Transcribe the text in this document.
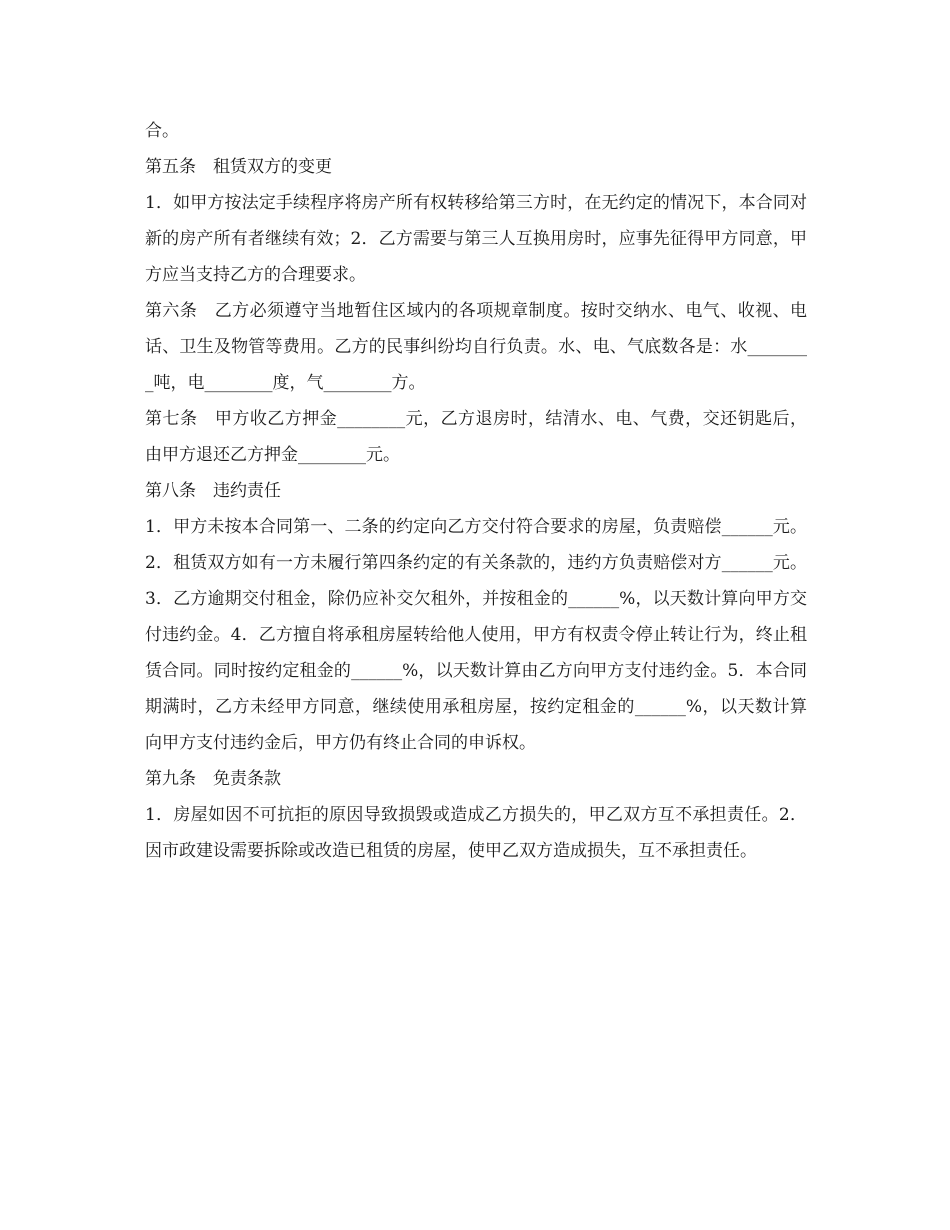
合。

第五条　租赁双方的变更

1．如甲方按法定手续程序将房产所有权转移给第三方时，在无约定的情况下，本合同对新的房产所有者继续有效；2．乙方需要与第三人互换用房时，应事先征得甲方同意，甲方应当支持乙方的合理要求。

第六条　乙方必须遵守当地暂住区域内的各项规章制度。按时交纳水、电气、收视、电话、卫生及物管等费用。乙方的民事纠纷均自行负责。水、电、气底数各是：水________吨，电________度，气________方。

第七条　甲方收乙方押金________元，乙方退房时，结清水、电、气费，交还钥匙后，由甲方退还乙方押金________元。

第八条　违约责任

1．甲方未按本合同第一、二条的约定向乙方交付符合要求的房屋，负责赔偿______元。2．租赁双方如有一方未履行第四条约定的有关条款的，违约方负责赔偿对方______元。3．乙方逾期交付租金，除仍应补交欠租外，并按租金的______%，以天数计算向甲方交付违约金。4．乙方擅自将承租房屋转给他人使用，甲方有权责令停止转让行为，终止租赁合同。同时按约定租金的______%，以天数计算由乙方向甲方支付违约金。5．本合同期满时，乙方未经甲方同意，继续使用承租房屋，按约定租金的______%，以天数计算向甲方支付违约金后，甲方仍有终止合同的申诉权。

第九条　免责条款

1．房屋如因不可抗拒的原因导致损毁或造成乙方损失的，甲乙双方互不承担责任。2．因市政建设需要拆除或改造已租赁的房屋，使甲乙双方造成损失，互不承担责任。
